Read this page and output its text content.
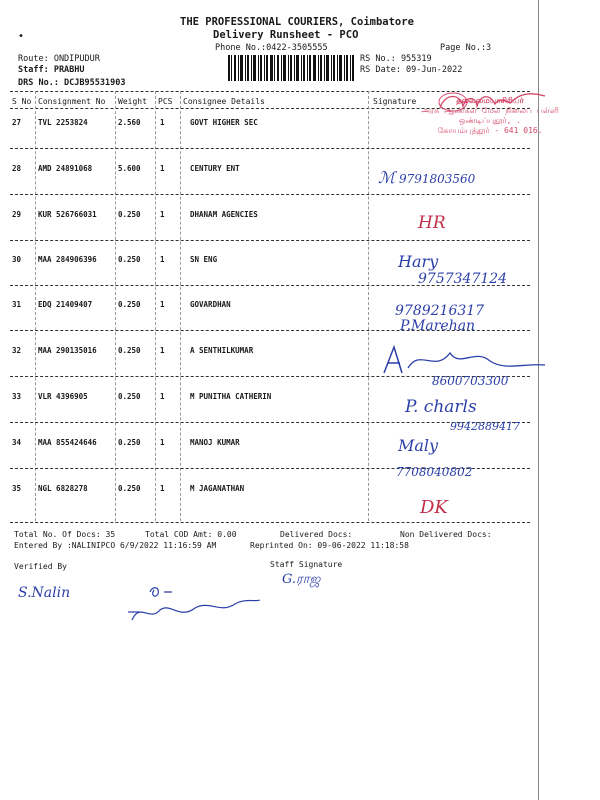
THE PROFESSIONAL COURIERS, Coimbatore
Delivery Runsheet - PCO
Phone No.:0422-3505555	Page No.:3
•
Route: ONDIPUDUR
Staff: PRABHU
DRS No.: DCJB95531903
RS No.: 955319
RS Date: 09-Jun-2022
S No Consignment No Weight PCS Consignee Details	Signature
27 TVL 2253824	2.560	1	GOVT HIGHER SEC
28 AMD 24891068	5.600	1	CENTURY ENT
29 KUR 526766031	0.250	1	DHANAM AGENCIES
30 MAA 284906396	0.250	1	SN ENG
31 EDQ 21409407	0.250	1	GOVARDHAN
32 MAA 290135016	0.250	1	A SENTHILKUMAR
33 VLR 4396905	0.250	1	M PUNITHA CATHERIN
34 MAA 855424646	0.250	1	MANOJ KUMAR
35 NGL 6828278	0.250	1	M JAGANATHAN
தலைமையாசிரியர்
அரசு ஆண்கள் மேல் நிலைப் பள்ளி
ஒண்டிப்புதூர், .
கோயம்புத்தூர் - 641 016.
ℳ 9791803560
HR
Hary
9757347124
9789216317
P.Marehan
8600703300
P. charls
9942889417
Maly
7708040802
DK
Total No. Of Docs: 35	Total COD Amt: 0.00	Delivered Docs:	Non Delivered Docs:
Entered By :NALINIPCO 6/9/2022 11:16:59 AM	Reprinted On: 09-06-2022 11:18:58
Verified By	Staff Signature
S.Nalin
G.ராஜ
